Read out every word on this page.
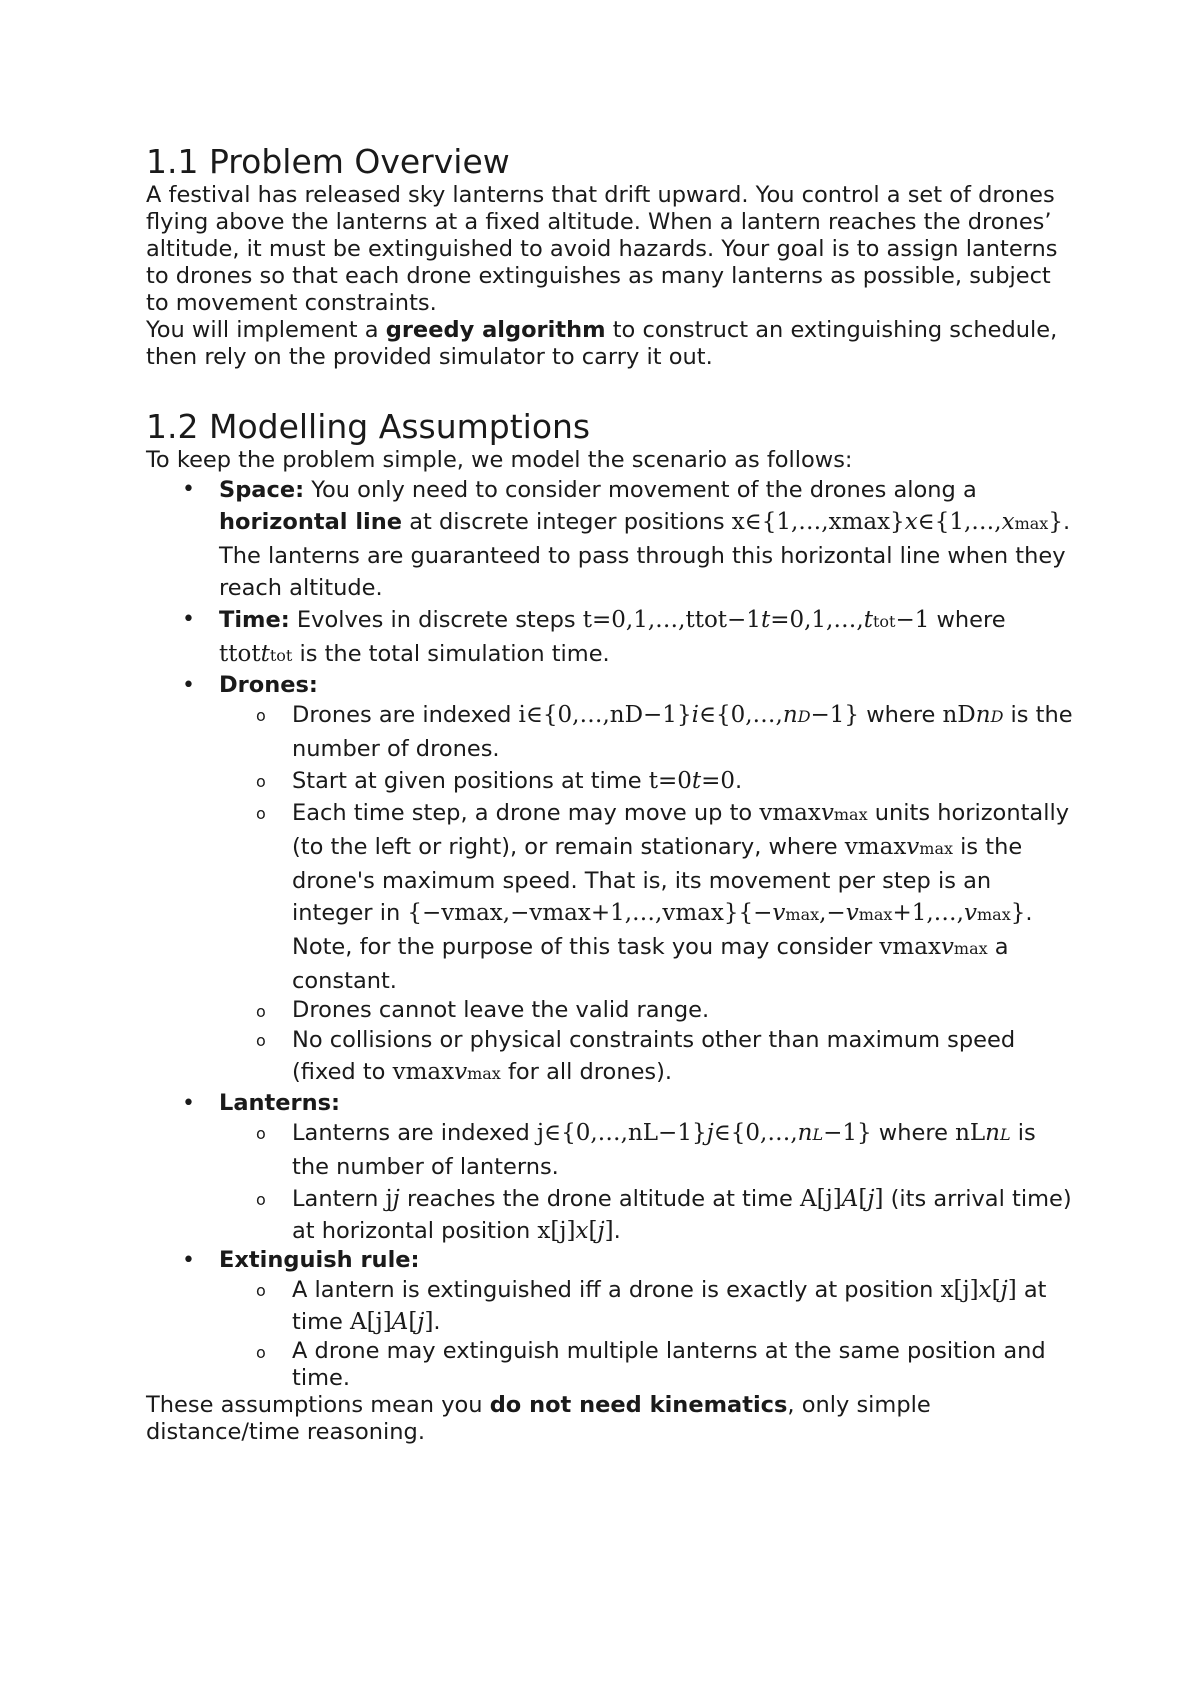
1.1 Problem Overview

A festival has released sky lanterns that drift upward. You control a set of drones flying above the lanterns at a fixed altitude. When a lantern reaches the drones’ altitude, it must be extinguished to avoid hazards. Your goal is to assign lanterns to drones so that each drone extinguishes as many lanterns as possible, subject to movement constraints.

You will implement a greedy algorithm to construct an extinguishing schedule, then rely on the provided simulator to carry it out.

1.2 Modelling Assumptions

To keep the problem simple, we model the scenario as follows:

• Space: You only need to consider movement of the drones along a horizontal line at discrete integer positions x∈{1,…,xmax}x∈{1,…,xmax}. The lanterns are guaranteed to pass through this horizontal line when they reach altitude.
• Time: Evolves in discrete steps t=0,1,…,ttot−1t=0,1,…,ttot−1 where ttotttot is the total simulation time.
• Drones:
o Drones are indexed i∈{0,…,nD−1}i∈{0,…,nD−1} where nDnD is the number of drones.
o Start at given positions at time t=0t=0.
o Each time step, a drone may move up to vmaxvmax units horizontally (to the left or right), or remain stationary, where vmaxvmax is the drone's maximum speed. That is, its movement per step is an integer in {−vmax,−vmax+1,…,vmax}{−vmax,−vmax+1,…,vmax}. Note, for the purpose of this task you may consider vmaxvmax a constant.
o Drones cannot leave the valid range.
o No collisions or physical constraints other than maximum speed (fixed to vmaxvmax for all drones).
• Lanterns:
o Lanterns are indexed j∈{0,…,nL−1}j∈{0,…,nL−1} where nLnL is the number of lanterns.
o Lantern jj reaches the drone altitude at time A[j]A[j] (its arrival time) at horizontal position x[j]x[j].
• Extinguish rule:
o A lantern is extinguished iff a drone is exactly at position x[j]x[j] at time A[j]A[j].
o A drone may extinguish multiple lanterns at the same position and time.

These assumptions mean you do not need kinematics, only simple distance/time reasoning.
